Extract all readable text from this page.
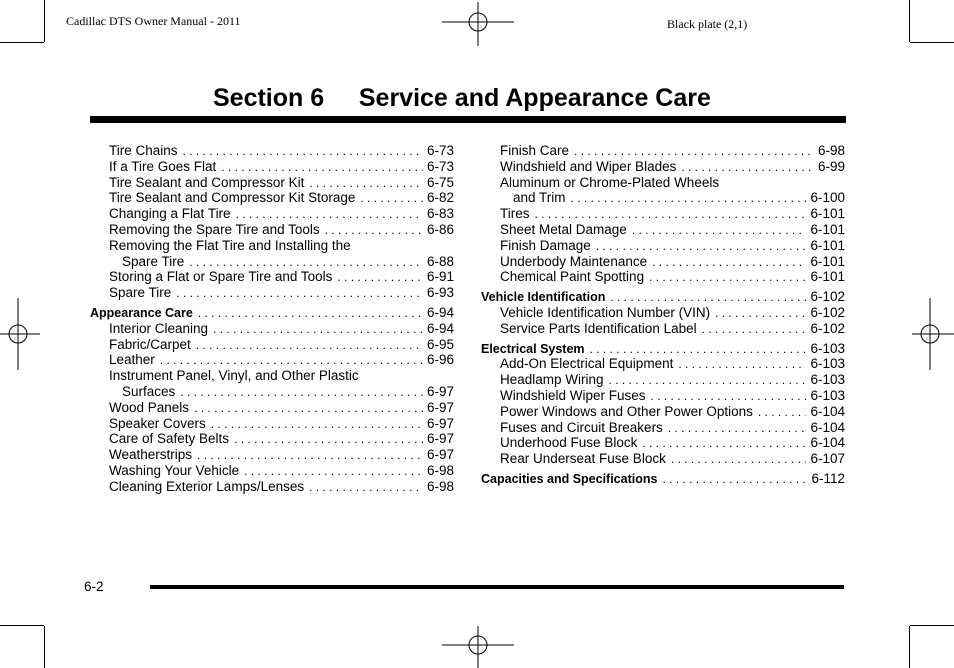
Cadillac DTS Owner Manual - 2011	Black plate (2,1)
Section 6     Service and Appearance Care
Tire Chains . . .	6-73
If a Tire Goes Flat . . .	6-73
Tire Sealant and Compressor Kit . . .	6-75
Tire Sealant and Compressor Kit Storage . . .	6-82
Changing a Flat Tire . . .	6-83
Removing the Spare Tire and Tools . . .	6-86
Removing the Flat Tire and Installing the
Spare Tire . . .	6-88
Storing a Flat or Spare Tire and Tools . . .	6-91
Spare Tire . . .	6-93
Appearance Care . . .	6-94
Interior Cleaning . . .	6-94
Fabric/Carpet . . .	6-95
Leather . . .	6-96
Instrument Panel, Vinyl, and Other Plastic
Surfaces . . .	6-97
Wood Panels . . .	6-97
Speaker Covers . . .	6-97
Care of Safety Belts . . .	6-97
Weatherstrips . . .	6-97
Washing Your Vehicle . . .	6-98
Cleaning Exterior Lamps/Lenses . . .	6-98
Finish Care . . .	6-98
Windshield and Wiper Blades . . .	6-99
Aluminum or Chrome-Plated Wheels
and Trim . . .	6-100
Tires . . .	6-101
Sheet Metal Damage . . .	6-101
Finish Damage . . .	6-101
Underbody Maintenance . . .	6-101
Chemical Paint Spotting . . .	6-101
Vehicle Identification . . .	6-102
Vehicle Identification Number (VIN) . . .	6-102
Service Parts Identification Label . . .	6-102
Electrical System . . .	6-103
Add-On Electrical Equipment . . .	6-103
Headlamp Wiring . . .	6-103
Windshield Wiper Fuses . . .	6-103
Power Windows and Other Power Options . . .	6-104
Fuses and Circuit Breakers . . .	6-104
Underhood Fuse Block . . .	6-104
Rear Underseat Fuse Block . . .	6-107
Capacities and Specifications . . .	6-112
6-2
